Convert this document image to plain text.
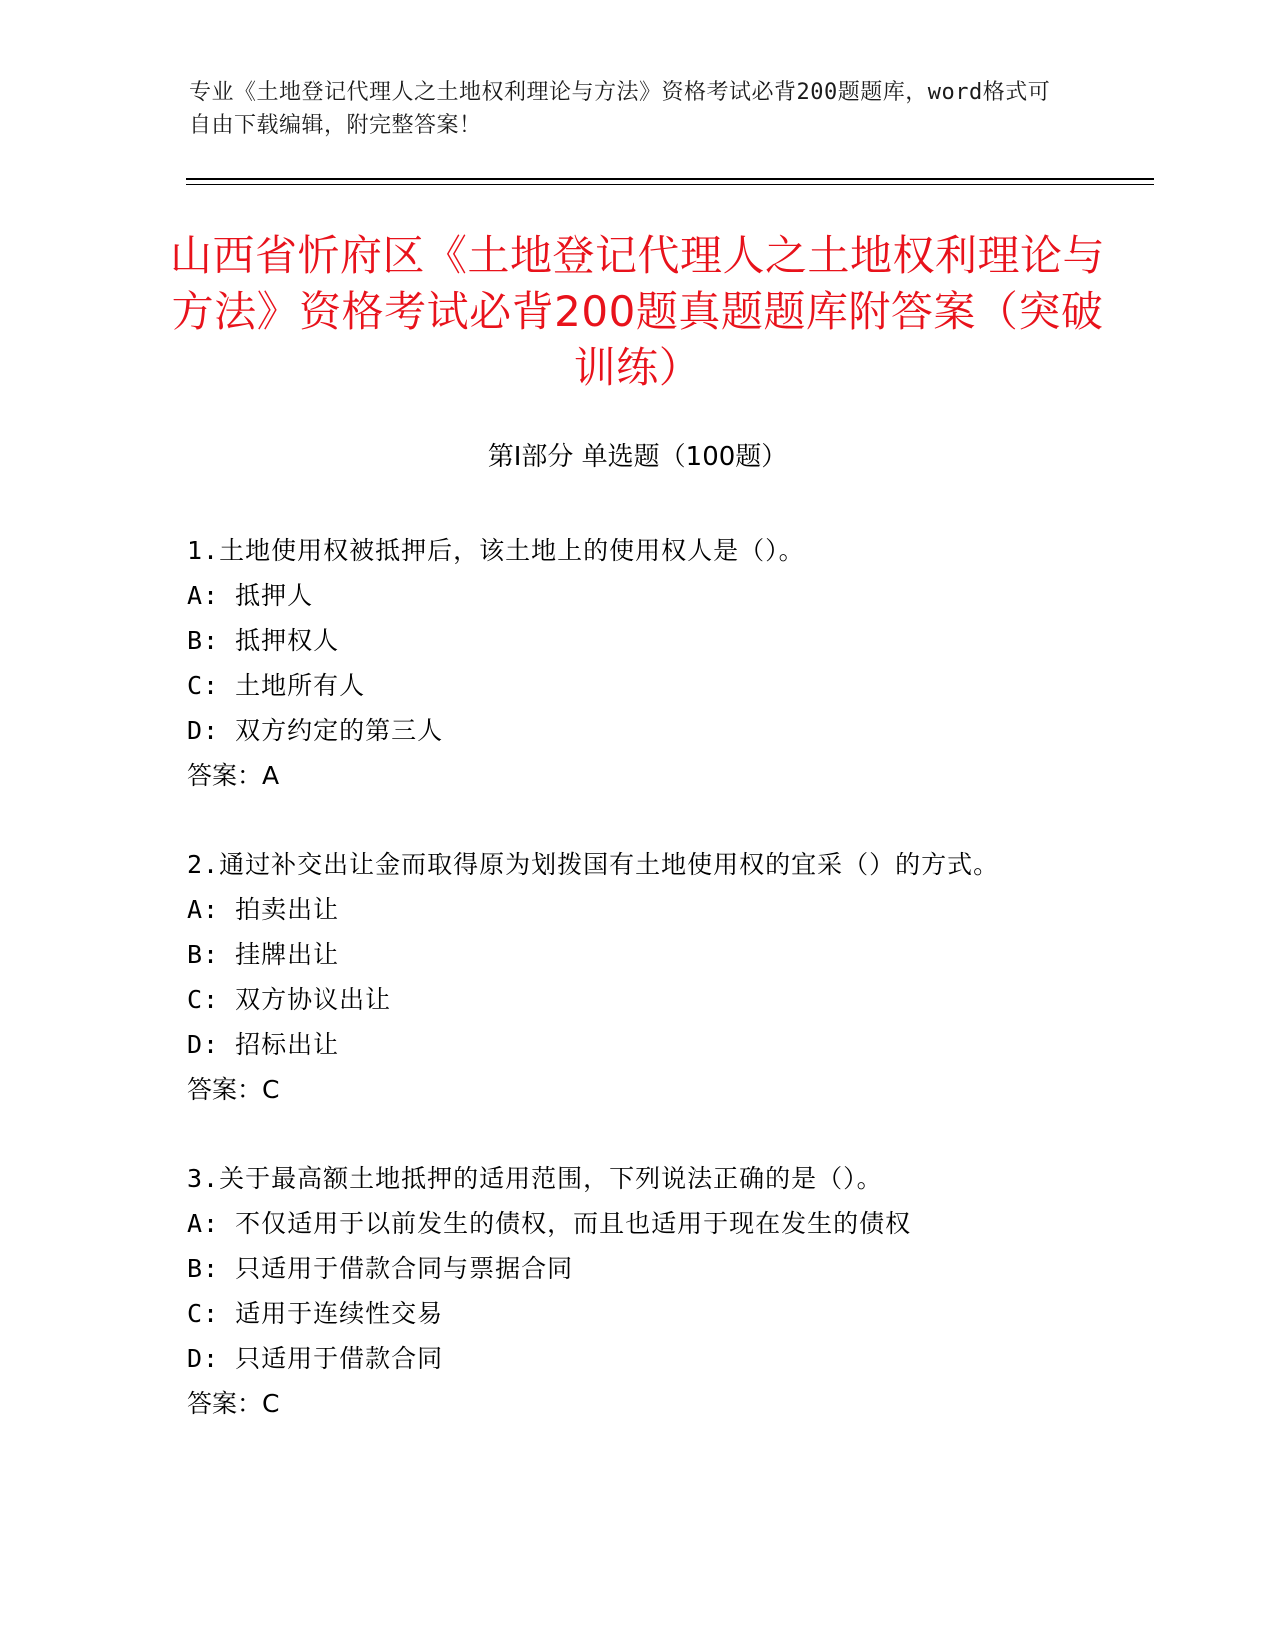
专业《土地登记代理人之土地权利理论与方法》资格考试必背200题题库，word格式可自由下载编辑，附完整答案！
山西省忻府区《土地登记代理人之土地权利理论与方法》资格考试必背200题真题题库附答案（突破训练）
第Ⅰ部分 单选题（100题）
1.土地使用权被抵押后，该土地上的使用权人是（）。
A: 抵押人
B: 抵押权人
C: 土地所有人
D: 双方约定的第三人
答案：A
2.通过补交出让金而取得原为划拨国有土地使用权的宜采（）的方式。
A: 拍卖出让
B: 挂牌出让
C: 双方协议出让
D: 招标出让
答案：C
3.关于最高额土地抵押的适用范围，下列说法正确的是（）。
A: 不仅适用于以前发生的债权，而且也适用于现在发生的债权
B: 只适用于借款合同与票据合同
C: 适用于连续性交易
D: 只适用于借款合同
答案：C
